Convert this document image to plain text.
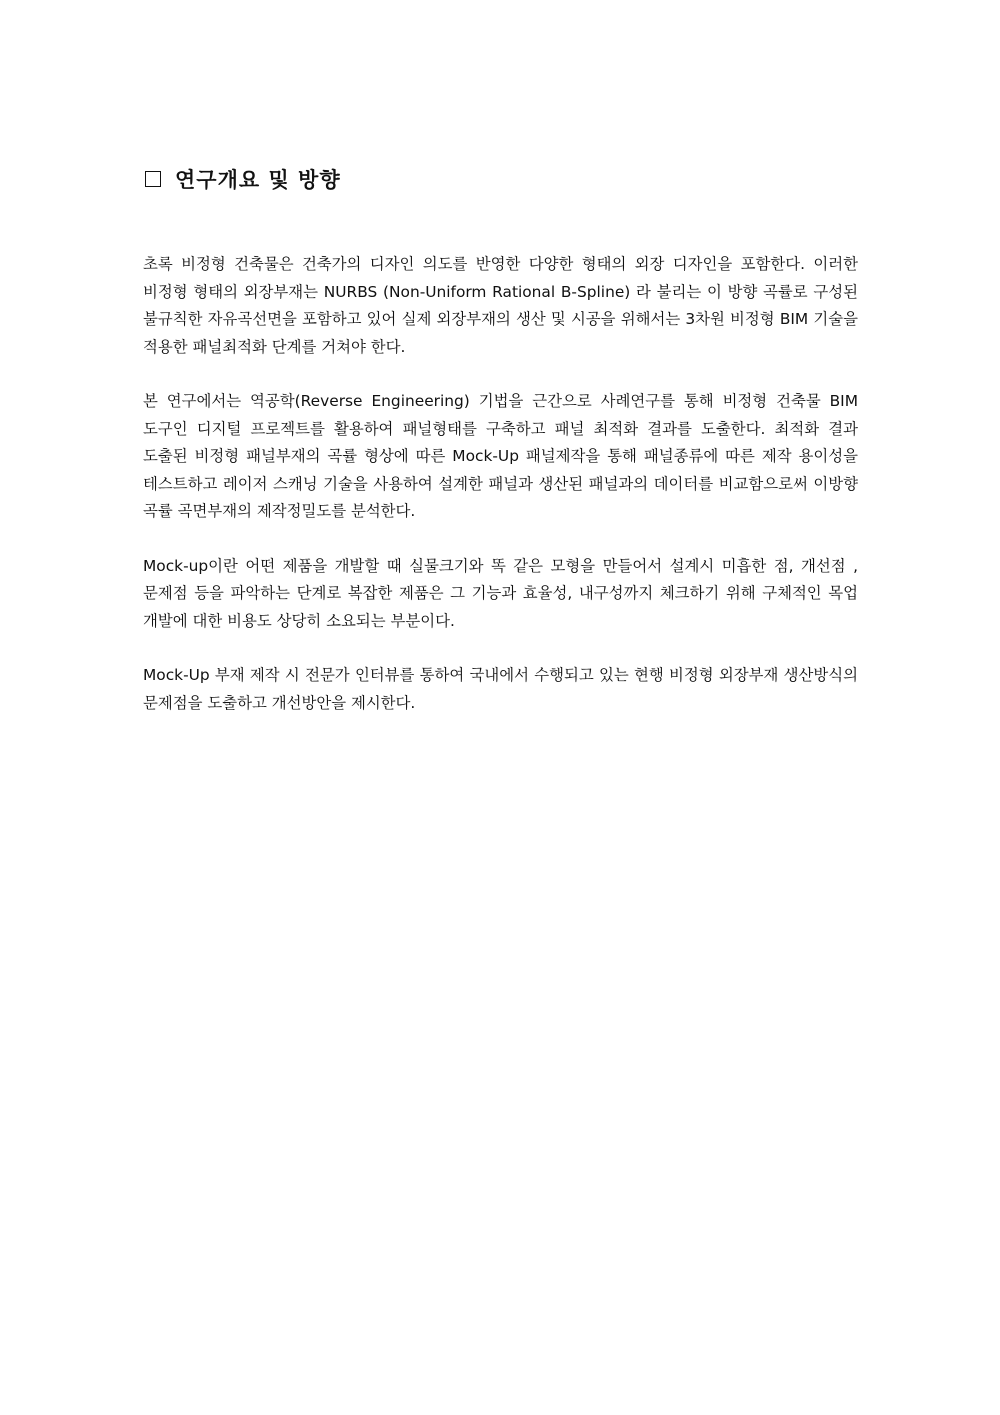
연구개요 및 방향

초록 비정형 건축물은 건축가의 디자인 의도를 반영한 다양한 형태의 외장 디자인을 포함한다. 이러한 비정형 형태의 외장부재는 NURBS (Non-Uniform Rational B-Spline) 라 불리는 이 방향 곡률로 구성된 불규칙한 자유곡선면을 포함하고 있어 실제 외장부재의 생산 및 시공을 위해서는 3차원 비정형 BIM 기술을 적용한 패널최적화 단계를 거쳐야 한다.

본 연구에서는 역공학(Reverse Engineering) 기법을 근간으로 사례연구를 통해 비정형 건축물 BIM 도구인 디지털 프로젝트를 활용하여 패널형태를 구축하고 패널 최적화 결과를 도출한다. 최적화 결과 도출된 비정형 패널부재의 곡률 형상에 따른 Mock-Up 패널제작을 통해 패널종류에 따른 제작 용이성을 테스트하고 레이저 스캐닝 기술을 사용하여 설계한 패널과 생산된 패널과의 데이터를 비교함으로써 이방향 곡률 곡면부재의 제작정밀도를 분석한다.

Mock-up이란 어떤 제품을 개발할 때 실물크기와 똑 같은 모형을 만들어서 설계시 미흡한 점, 개선점 , 문제점 등을 파악하는 단계로 복잡한 제품은 그 기능과 효율성, 내구성까지 체크하기 위해 구체적인 목업 개발에 대한 비용도 상당히 소요되는 부분이다.

Mock-Up 부재 제작 시 전문가 인터뷰를 통하여 국내에서 수행되고 있는 현행 비정형 외장부재 생산방식의 문제점을 도출하고 개선방안을 제시한다.
